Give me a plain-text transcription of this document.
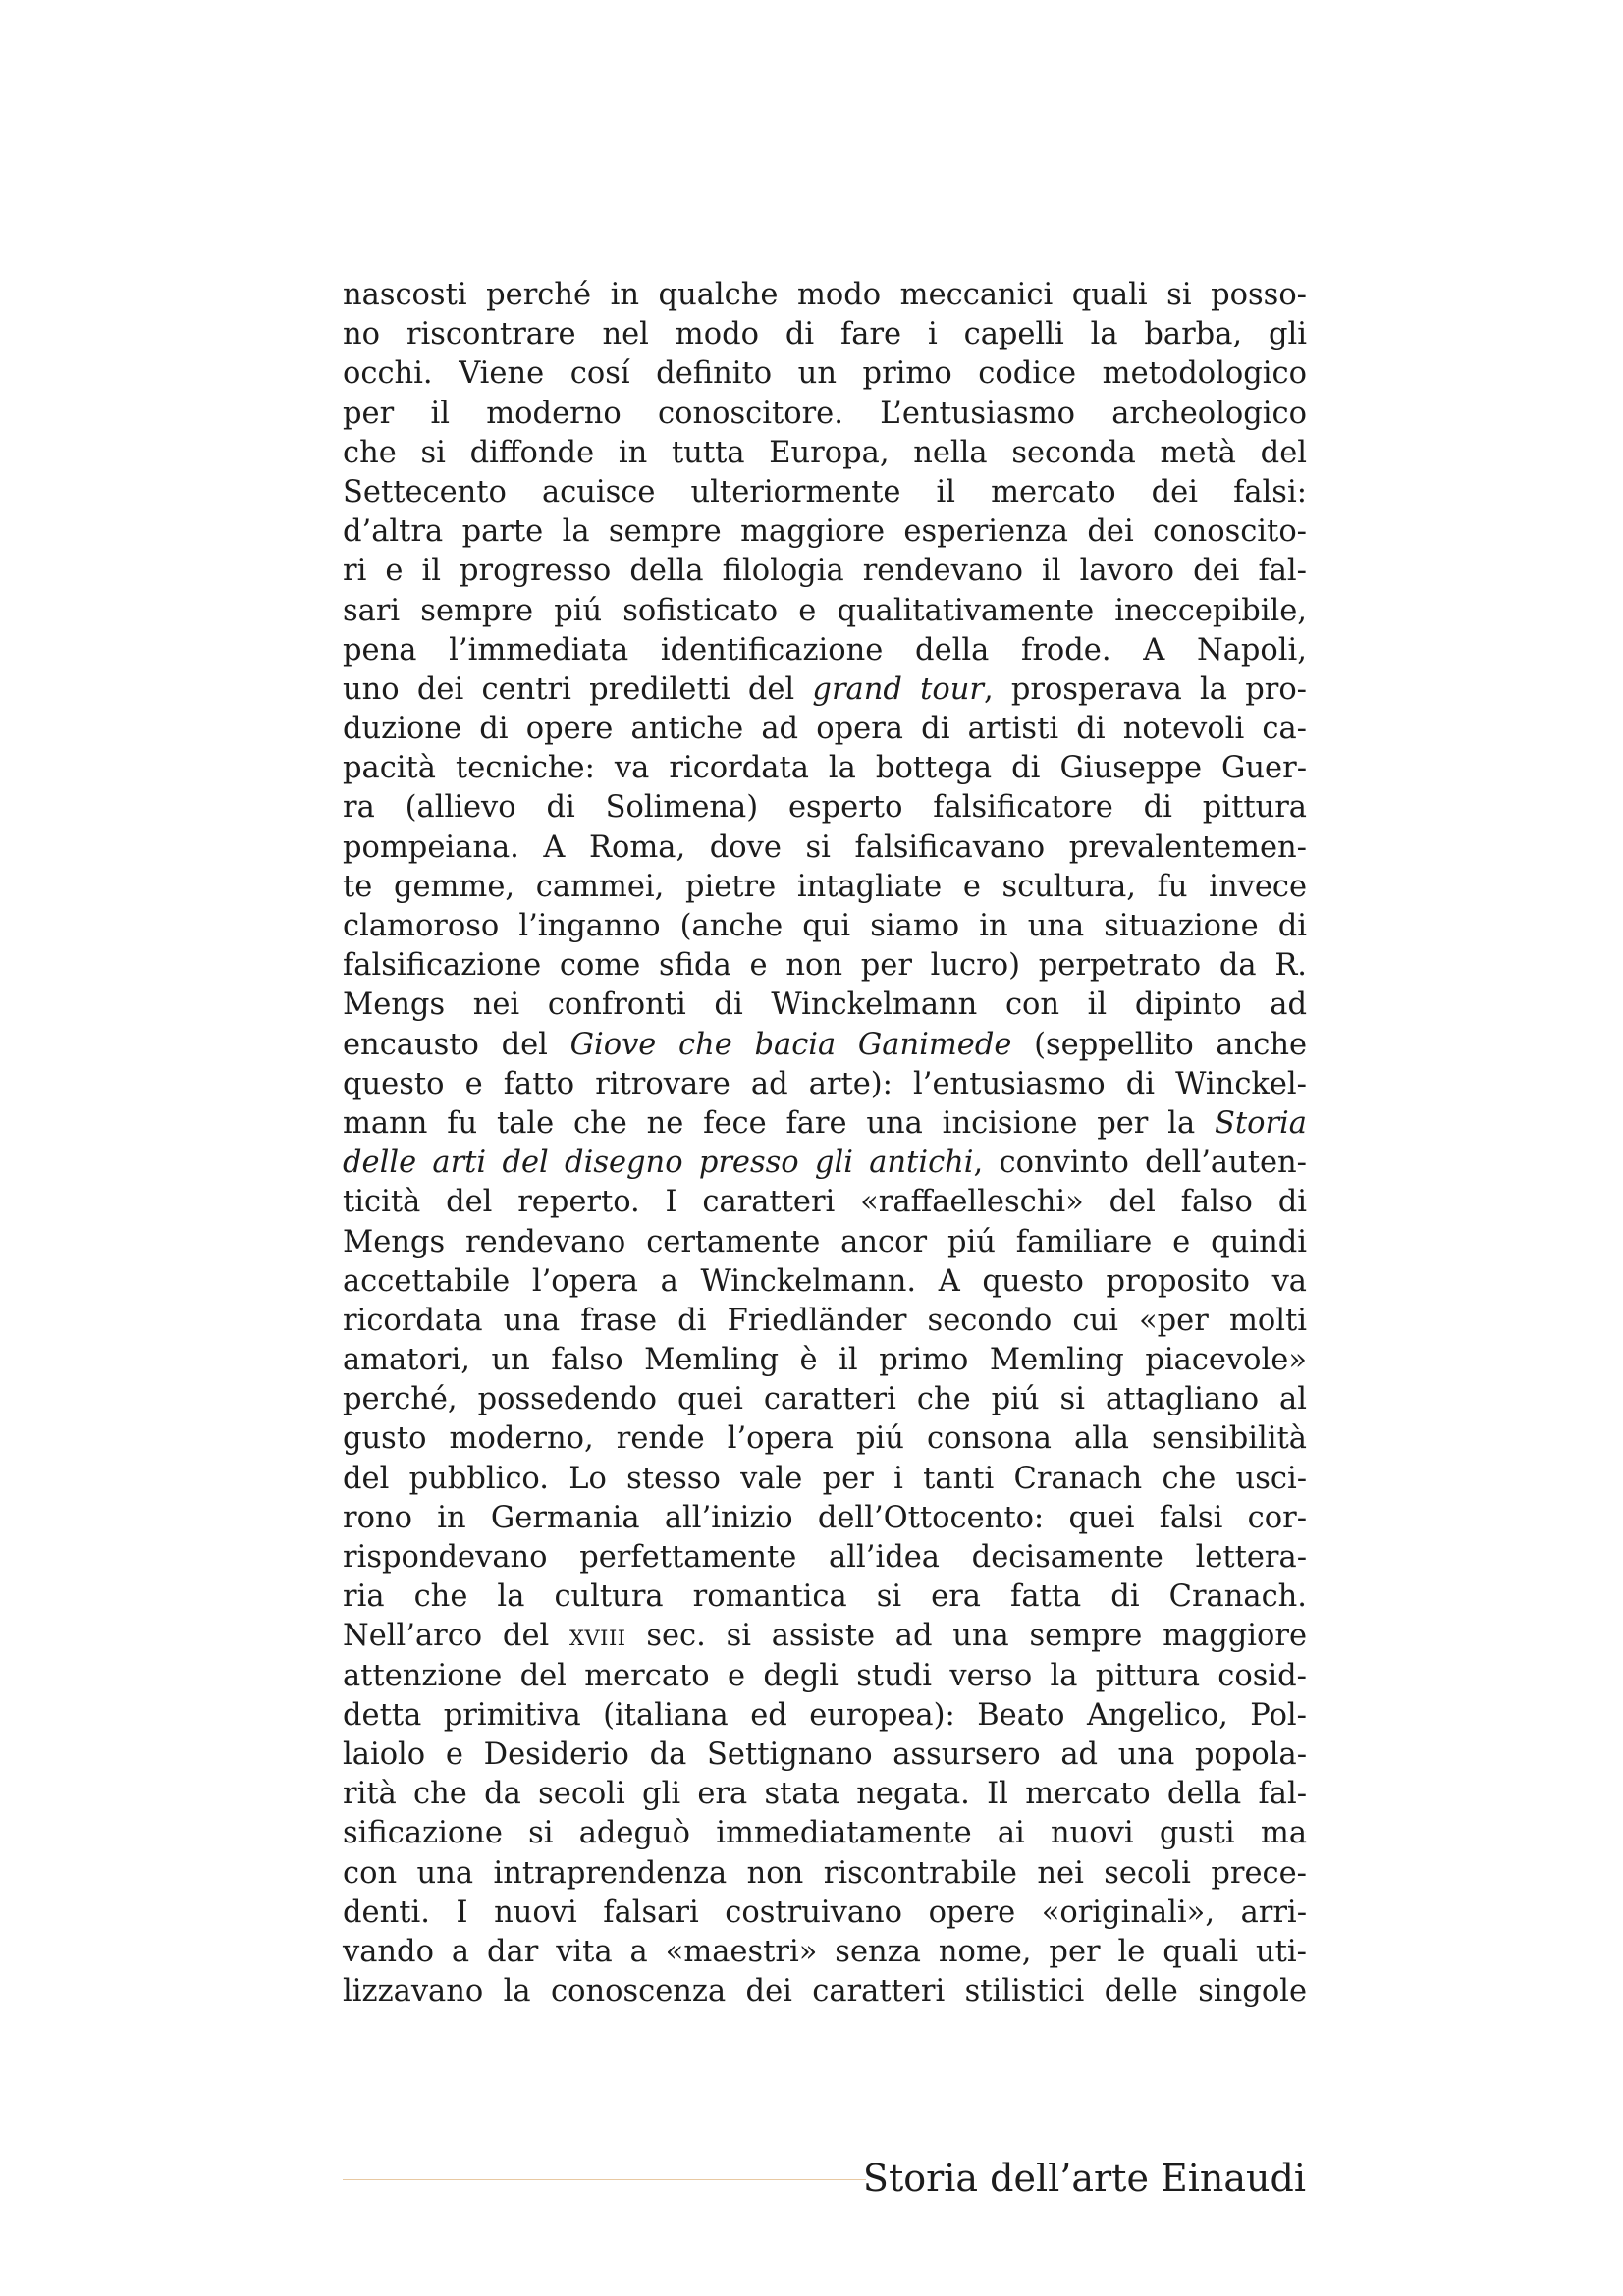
nascosti perché in qualche modo meccanici quali si posso-
no riscontrare nel modo di fare i capelli la barba, gli
occhi. Viene cosí definito un primo codice metodologico
per il moderno conoscitore. L’entusiasmo archeologico
che si diffonde in tutta Europa, nella seconda metà del
Settecento acuisce ulteriormente il mercato dei falsi:
d’altra parte la sempre maggiore esperienza dei conoscito-
ri e il progresso della filologia rendevano il lavoro dei fal-
sari sempre piú sofisticato e qualitativamente ineccepibile,
pena l’immediata identificazione della frode. A Napoli,
uno dei centri prediletti del grand tour, prosperava la pro-
duzione di opere antiche ad opera di artisti di notevoli ca-
pacità tecniche: va ricordata la bottega di Giuseppe Guer-
ra (allievo di Solimena) esperto falsificatore di pittura
pompeiana. A Roma, dove si falsificavano prevalentemen-
te gemme, cammei, pietre intagliate e scultura, fu invece
clamoroso l’inganno (anche qui siamo in una situazione di
falsificazione come sfida e non per lucro) perpetrato da R.
Mengs nei confronti di Winckelmann con il dipinto ad
encausto del Giove che bacia Ganimede (seppellito anche
questo e fatto ritrovare ad arte): l’entusiasmo di Winckel-
mann fu tale che ne fece fare una incisione per la Storia
delle arti del disegno presso gli antichi, convinto dell’auten-
ticità del reperto. I caratteri «raffaelleschi» del falso di
Mengs rendevano certamente ancor piú familiare e quindi
accettabile l’opera a Winckelmann. A questo proposito va
ricordata una frase di Friedländer secondo cui «per molti
amatori, un falso Memling è il primo Memling piacevole»
perché, possedendo quei caratteri che piú si attagliano al
gusto moderno, rende l’opera piú consona alla sensibilità
del pubblico. Lo stesso vale per i tanti Cranach che usci-
rono in Germania all’inizio dell’Ottocento: quei falsi cor-
rispondevano perfettamente all’idea decisamente lettera-
ria che la cultura romantica si era fatta di Cranach.
Nell’arco del xviii sec. si assiste ad una sempre maggiore
attenzione del mercato e degli studi verso la pittura cosid-
detta primitiva (italiana ed europea): Beato Angelico, Pol-
laiolo e Desiderio da Settignano assursero ad una popola-
rità che da secoli gli era stata negata. Il mercato della fal-
sificazione si adeguò immediatamente ai nuovi gusti ma
con una intraprendenza non riscontrabile nei secoli prece-
denti. I nuovi falsari costruivano opere «originali», arri-
vando a dar vita a «maestri» senza nome, per le quali uti-
lizzavano la conoscenza dei caratteri stilistici delle singole
Storia dell’arte Einaudi
